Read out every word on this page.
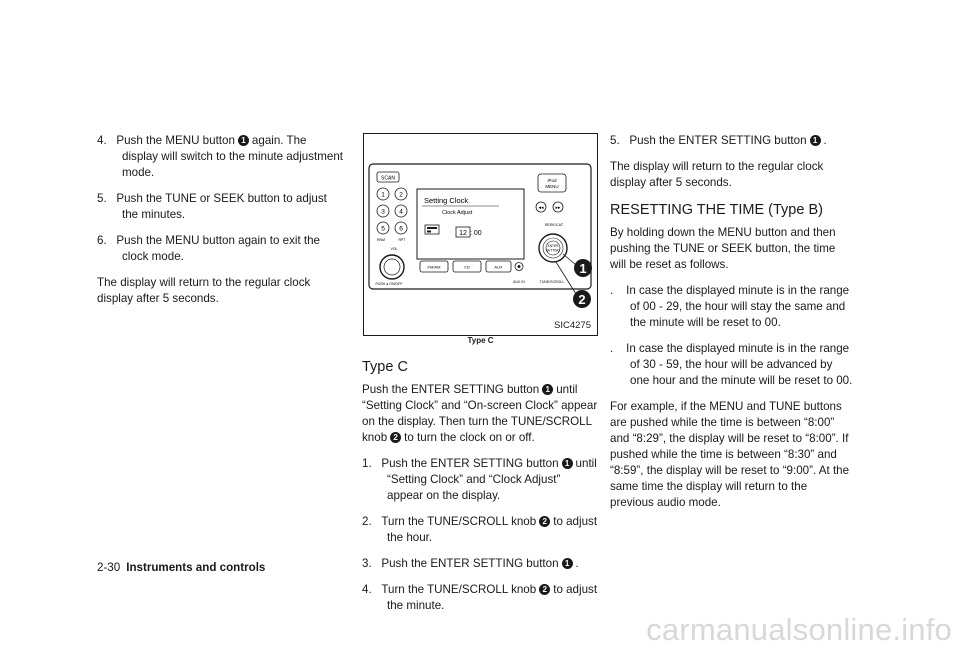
4. Push the MENU button 1 again. The display will switch to the minute adjustment mode.
5. Push the TUNE or SEEK button to adjust the minutes.
6. Push the MENU button again to exit the clock mode.

The display will return to the regular clock display after 5 seconds.

SCAN
1 2
3 4
5 6
RNM	RPT
VOL
Setting Clock
Clock Adjust
12 : 00
iPod
MENU
◂◂ ▸▸
SEEK/CAT
ENTER
SETTING
PUSH ● ON/OFF
FM/AM	CD	AUX
AUX IN	TUNE/SCROLL
1
2
SIC4275
Type C
Type C

Push the ENTER SETTING button 1 until “Setting Clock” and “On-screen Clock” appear on the display. Then turn the TUNE/SCROLL knob 2 to turn the clock on or off.

1. Push the ENTER SETTING button 1 until “Setting Clock” and “Clock Adjust” appear on the display.
2. Turn the TUNE/SCROLL knob 2 to adjust the hour.
3. Push the ENTER SETTING button 1 .
4. Turn the TUNE/SCROLL knob 2 to adjust the minute.
5. Push the ENTER SETTING button 1 .

The display will return to the regular clock display after 5 seconds.

RESETTING THE TIME (Type B)

By holding down the MENU button and then pushing the TUNE or SEEK button, the time will be reset as follows.

. In case the displayed minute is in the range of 00 - 29, the hour will stay the same and the minute will be reset to 00.
. In case the displayed minute is in the range of 30 - 59, the hour will be advanced by one hour and the minute will be reset to 00.

For example, if the MENU and TUNE buttons are pushed while the time is between “8:00” and “8:29”, the display will be reset to “8:00”. If pushed while the time is between “8:30” and “8:59”, the display will be reset to “9:00”. At the same time the display will return to the previous audio mode.

2-30 Instruments and controls
carmanualsonline.info
